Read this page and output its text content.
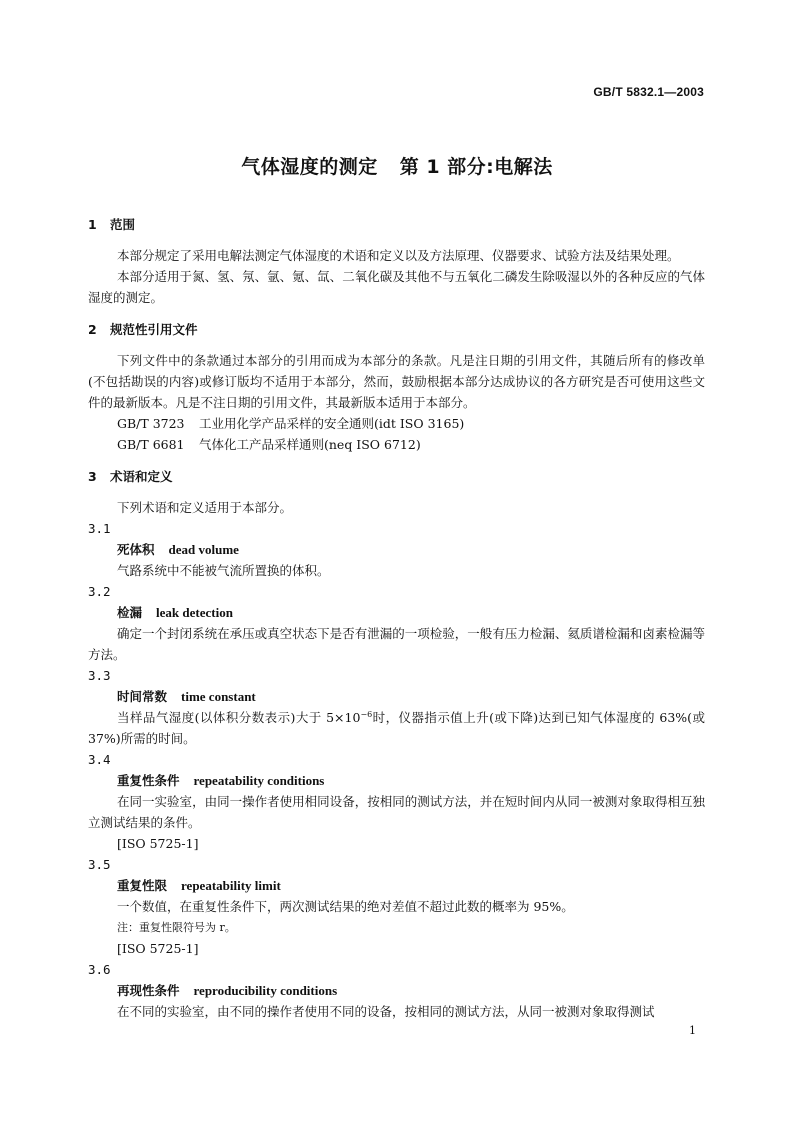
GB/T 5832.1—2003
气体湿度的测定 第 1 部分:电解法
1 范围
本部分规定了采用电解法测定气体湿度的术语和定义以及方法原理、仪器要求、试验方法及结果处理。
本部分适用于氮、氢、氖、氩、氪、氙、二氧化碳及其他不与五氧化二磷发生除吸湿以外的各种反应的气体湿度的测定。
2 规范性引用文件
下列文件中的条款通过本部分的引用而成为本部分的条款。凡是注日期的引用文件，其随后所有的修改单(不包括勘误的内容)或修订版均不适用于本部分，然而，鼓励根据本部分达成协议的各方研究是否可使用这些文件的最新版本。凡是不注日期的引用文件，其最新版本适用于本部分。
GB/T 3723 工业用化学产品采样的安全通则(idt ISO 3165)
GB/T 6681 气体化工产品采样通则(neq ISO 6712)
3 术语和定义
下列术语和定义适用于本部分。
3.1
死体积 dead volume
气路系统中不能被气流所置换的体积。
3.2
检漏 leak detection
确定一个封闭系统在承压或真空状态下是否有泄漏的一项检验，一般有压力检漏、氦质谱检漏和卤素检漏等方法。
3.3
时间常数 time constant
当样品气湿度(以体积分数表示)大于 $5\times 10^{-6}$时，仪器指示值上升(或下降)达到已知气体湿度的 63%(或 37%)所需的时间。
3.4
重复性条件 repeatability conditions
在同一实验室，由同一操作者使用相同设备，按相同的测试方法，并在短时间内从同一被测对象取得相互独立测试结果的条件。
[ISO 5725-1]
3.5
重复性限 repeatability limit
一个数值，在重复性条件下，两次测试结果的绝对差值不超过此数的概率为 95%。
注：重复性限符号为 r。
[ISO 5725-1]
3.6
再现性条件 reproducibility conditions
在不同的实验室，由不同的操作者使用不同的设备，按相同的测试方法，从同一被测对象取得测试
1
